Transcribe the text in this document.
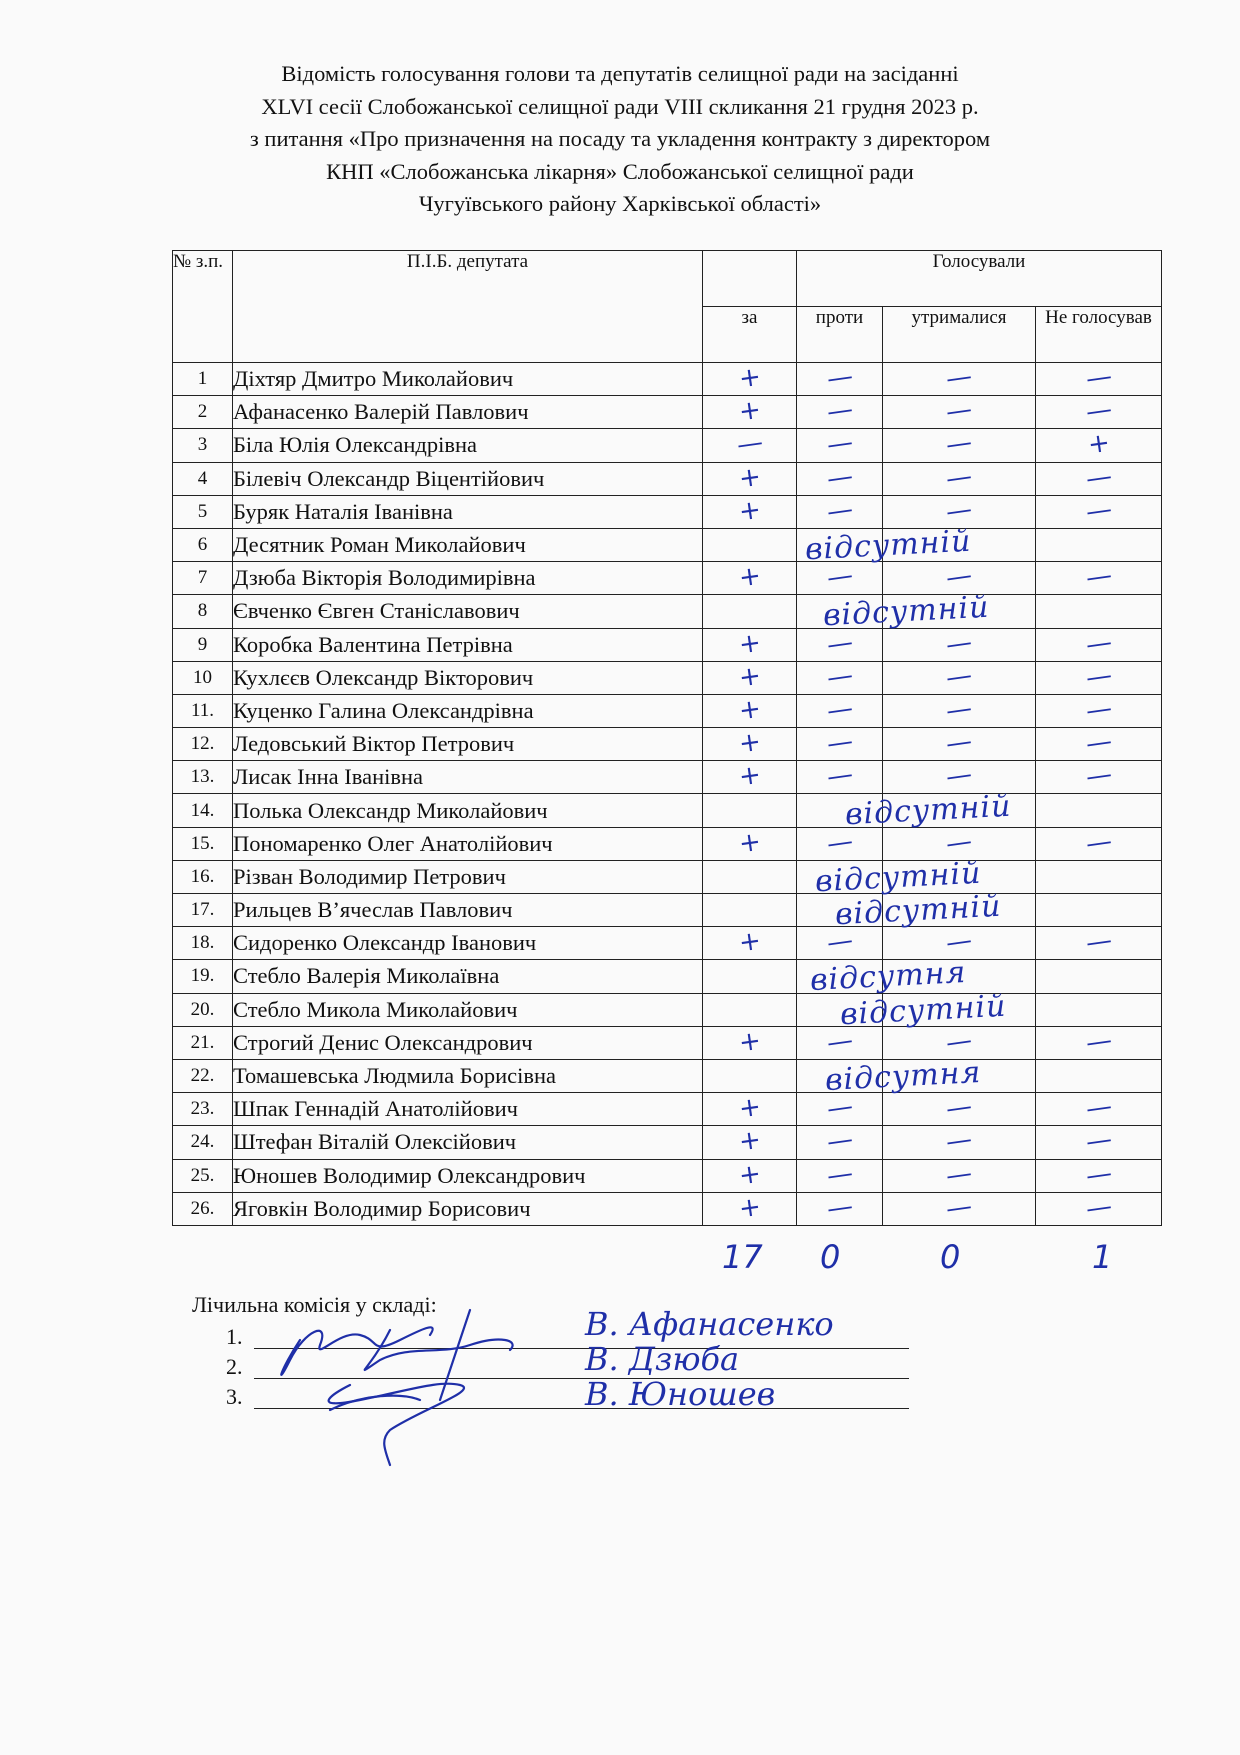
Відомість голосування голови та депутатів селищної ради на засіданні
XLVI сесії Слобожанської селищної ради VIII скликання 21 грудня 2023 р.
з питання «Про призначення на посаду та укладення контракту з директором
КНП «Слобожанська лікарня» Слобожанської селищної ради
Чугуївського району Харківської області»
№ з.п.	П.І.Б. депутата		Голосували		
		за	проти	утрималися	Не голосував
1	Діхтяр Дмитро Миколайович	+	—	—	—
2	Афанасенко Валерій Павлович	+	—	—	—
3	Біла Юлія Олександрівна	—	—	—	+
4	Білевіч Олександр Віцентійович	+	—	—	—
5	Буряк Наталія Іванівна	+	—	—	—
6	Десятник Роман Миколайович		відсутній		

7	Дзюба Вікторія Володимирівна	+	—	—	—
8	Євченко Євген Станіславович		відсутній		

9	Коробка Валентина Петрівна	+	—	—	—
10	Кухлєєв Олександр Вікторович	+	—	—	—
11.	Куценко Галина Олександрівна	+	—	—	—
12.	Ледовський Віктор Петрович	+	—	—	—
13.	Лисак Інна Іванівна	+	—	—	—
14.	Полька Олександр Миколайович		відсутній		

15.	Пономаренко Олег Анатолійович	+	—	—	—
16.	Різван Володимир Петрович		відсутній		

17.	Рильцев В’ячеслав Павлович		відсутній		

18.	Сидоренко Олександр Іванович	+	—	—	—
19.	Стебло Валерія Миколаївна		відсутня		

20.	Стебло Микола Миколайович		відсутній		

21.	Строгий Денис Олександрович	+	—	—	—
22.	Томашевська Людмила Борисівна		відсутня		

23.	Шпак Геннадій Анатолійович	+	—	—	—
24.	Штефан Віталій Олексійович	+	—	—	—
25.	Юношев Володимир Олександрович	+	—	—	—
26.	Яговкін Володимир Борисович	+	—	—	—
17 0	0	1
Лічильна комісія у складі:
1.
2.
3.
В. Афанасенко
В. Дзюба
В. Юношев
